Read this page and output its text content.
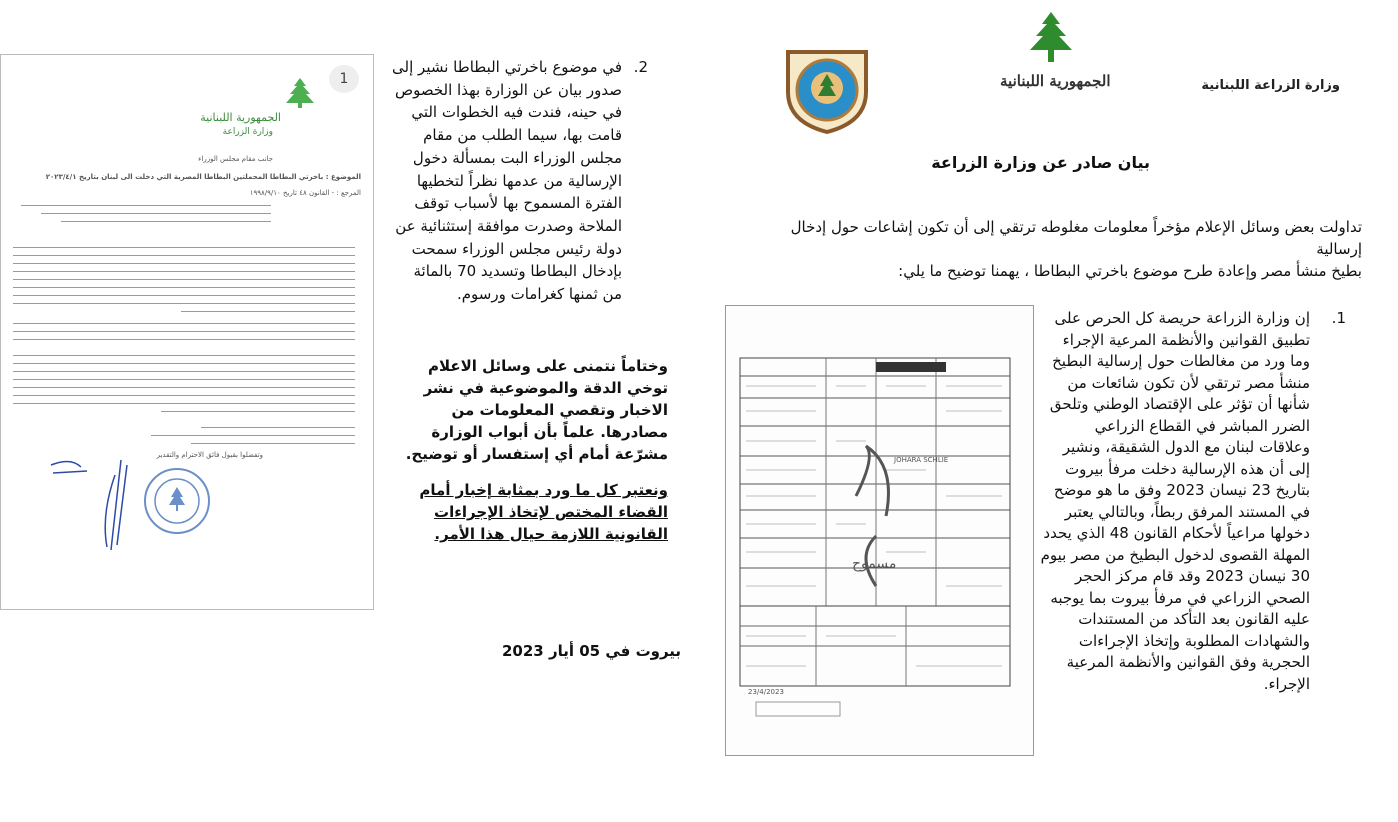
وزارة الزراعة اللبنانية
الجمهورية اللبنانية
بيان صادر عن وزارة الزراعة

تداولت بعض وسائل الإعلام مؤخراً معلومات مغلوطه ترتقي إلى أن تكون إشاعات حول إدخال إرسالية

بطيخ منشأ مصر وإعادة طرح موضوع باخرتي البطاطا ، يهمنا توضيح ما يلي:

1.
إن وزارة الزراعة حريصة كل الحرص على تطبيق القوانين والأنظمة المرعية الإجراء وما ورد من مغالطات حول إرسالية البطيخ منشأ مصر ترتقي لأن تكون شائعات من شأنها أن تؤثر على الإقتصاد الوطني وتلحق الضرر المباشر في القطاع الزراعي وعلاقات لبنان مع الدول الشقيقة، ونشير إلى أن هذه الإرسالية دخلت مرفأ بيروت بتاريخ 23 نيسان 2023 وفق ما هو موضح في المستند المرفق ربطاً، وبالتالي يعتبر دخولها مراعياً لأحكام القانون 48 الذي يحدد المهلة القصوى لدخول البطيخ من مصر بيوم 30 نيسان 2023 وقد قام مركز الحجر الصحي الزراعي في مرفأ بيروت بما يوجبه عليه القانون بعد التأكد من المستندات والشهادات المطلوبة وإتخاذ الإجراءات الحجرية وفق القوانين والأنظمة المرعية الإجراء.
2.
في موضوع باخرتي البطاطا نشير إلى صدور بيان عن الوزارة بهذا الخصوص في حينه، فندت فيه الخطوات التي قامت بها، سيما الطلب من مقام مجلس الوزراء البت بمسألة دخول الإرسالية من عدمها نظراً لتخطيها الفترة المسموح بها لأسباب توقف الملاحة وصدرت موافقة إستثنائية عن دولة رئيس مجلس الوزراء سمحت بإدخال البطاطا وتسديد 70 بالمائة من ثمنها كغرامات ورسوم.

وختاماً نتمنى على وسائل الاعلام توخي الدقة والموضوعية في نشر الاخبار وتقصي المعلومات من مصادرها. علماً بأن أبواب الوزارة مشرّعة أمام أي إستفسار أو توضيح.

ونعتبر كل ما ورد بمثابة إخبار أمام القضاء المختص لإتخاذ الإجراءات القانونية اللازمة حيال هذا الأمر.

بيروت في 05 أيار 2023
1
الجمهورية اللبنانية
وزارة الزراعة
جانب مقام مجلس الوزراء
الموضوع : باخرتي البطاطا المحملتين البطاطا المصرية التي دخلت الى لبنان بتاريخ ٢٠٢٣/٤/١
المرجع : - القانون ٤٨ تاريخ ١٩٩٨/٩/١٠
وتفضلوا بقبول فائق الاحترام والتقدير
JOHARA SCHLIE
23/4/2023
مسموح
